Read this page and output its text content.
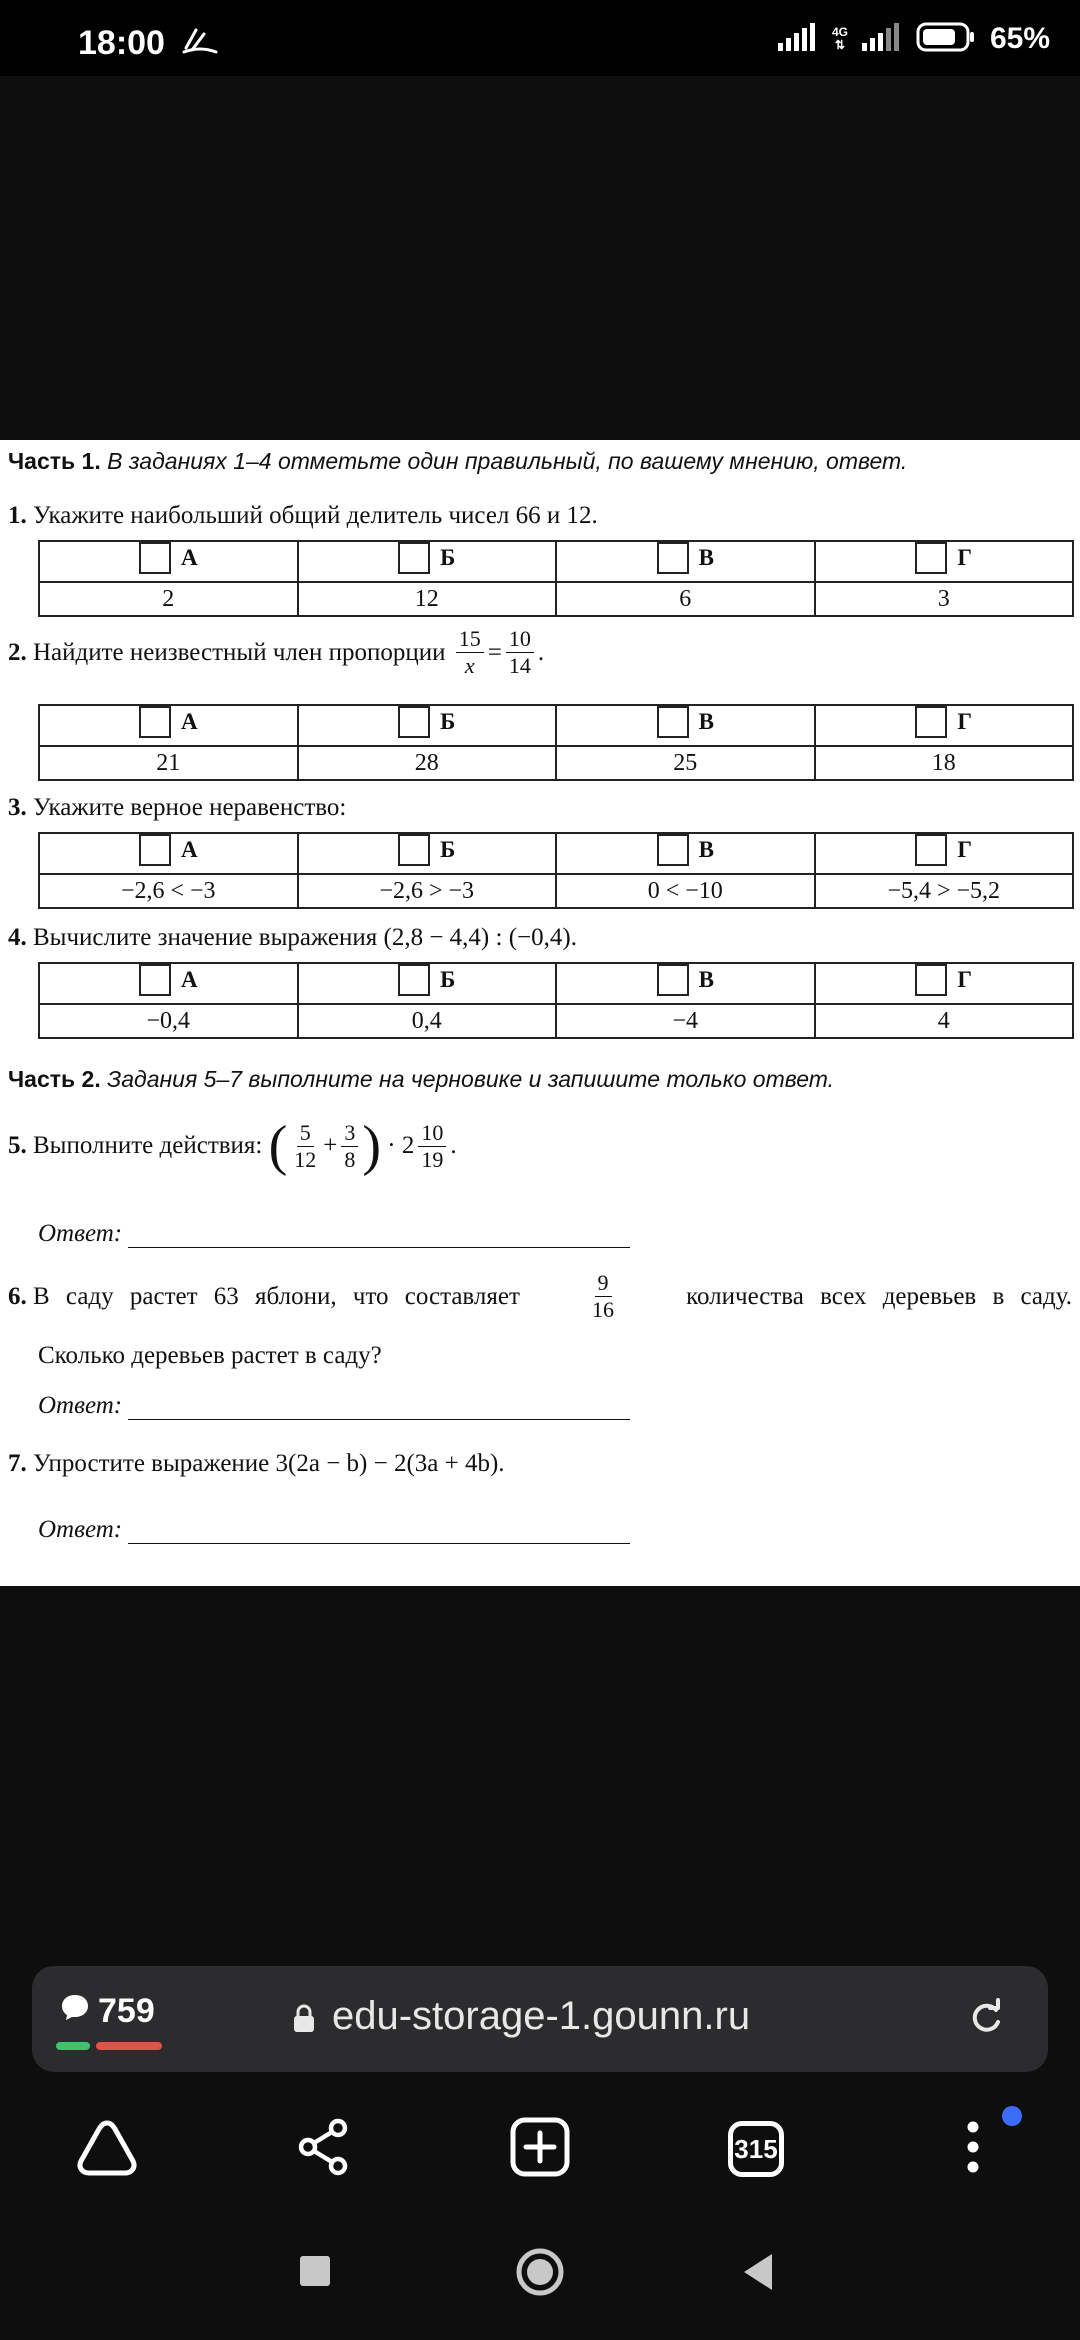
18:00	4G
⇅	65%
Часть 1. В заданиях 1–4 отметьте один правильный, по вашему мнению, ответ.
1. Укажите наибольший общий делитель чисел 66 и 12.
А	Б	В	Г

2	12	6	3
2.
Найдите неизвестный член пропорции
$\frac{15}{x} = \frac{10}{14}$ .
А	Б	В	Г

21	28	25	18
3. Укажите верное неравенство:
А	Б	В	Г

−2,6 < −3	−2,6 > −3	0 < −10	−5,4 > −5,2
4. Вычислите значение выражения (2,8 − 4,4) : (−0,4).
А	Б	В	Г

−0,4	0,4	−4	4
Часть 2. Задания 5–7 выполните на черновике и запишите только ответ.
5.
Выполните действия:
( $\frac{5}{12} + \frac{3}{8}$ )
·
$2 \frac{10}{19}$ .
Ответ:
6. В саду растет 63 яблони, что составляет	$\frac{9}{16}$	количества всех деревьев в саду.
Сколько деревьев растет в саду?
Ответ:
7. Упростите выражение 3(2a − b) − 2(3a + 4b).
Ответ:
759	edu-storage-1.gounn.ru
315
